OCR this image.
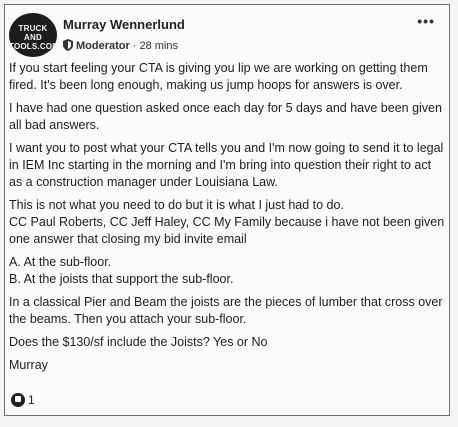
TRUCK AND
TOOLS.COM
Murray Wennerlund
Moderator · 28 mins
•••

If you start feeling your CTA is giving you lip we are working on getting them fired. It's been long enough, making us jump hoops for answers is over.

I have had one question asked once each day for 5 days and have been given all bad answers.

I want you to post what your CTA tells you and I'm now going to send it to legal in IEM Inc starting in the morning and I'm bring into question their right to act as a construction manager under Louisiana Law.

This is not what you need to do but it is what I just had to do.

CC Paul Roberts, CC Jeff Haley, CC My Family because i have not been given one answer that closing my bid invite email

A. At the sub-floor.

B. At the joists that support the sub-floor.

In a classical Pier and Beam the joists are the pieces of lumber that cross over the beams. Then you attach your sub-floor.

Does the $130/sf include the Joists? Yes or No

Murray

1
